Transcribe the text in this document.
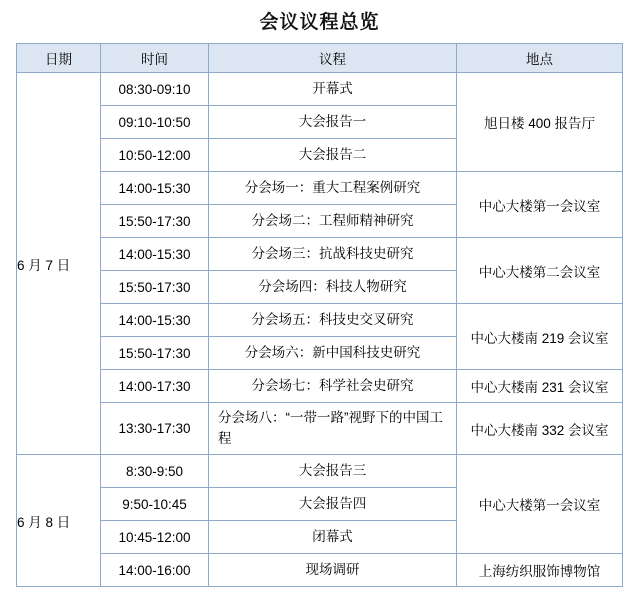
会议议程总览
日期	时间	议程	地点
6 月 7 日	08:30-09:10	开幕式	旭日楼 400 报告厅
	09:10-10:50	大会报告一	
	10:50-12:00	大会报告二	
	14:00-15:30	分会场一：重大工程案例研究	中心大楼第一会议室
	15:50-17:30	分会场二：工程师精神研究	
	14:00-15:30	分会场三：抗战科技史研究	中心大楼第二会议室
	15:50-17:30	分会场四：科技人物研究	
	14:00-15:30	分会场五：科技史交叉研究	中心大楼南 219 会议室
	15:50-17:30	分会场六：新中国科技史研究	
	14:00-17:30	分会场七：科学社会史研究	中心大楼南 231 会议室
	13:30-17:30	分会场八：“一带一路”视野下的中国工程	中心大楼南 332 会议室
6 月 8 日	8:30-9:50	大会报告三	中心大楼第一会议室
	9:50-10:45	大会报告四	
	10:45-12:00	闭幕式	
	14:00-16:00	现场调研	上海纺织服饰博物馆
